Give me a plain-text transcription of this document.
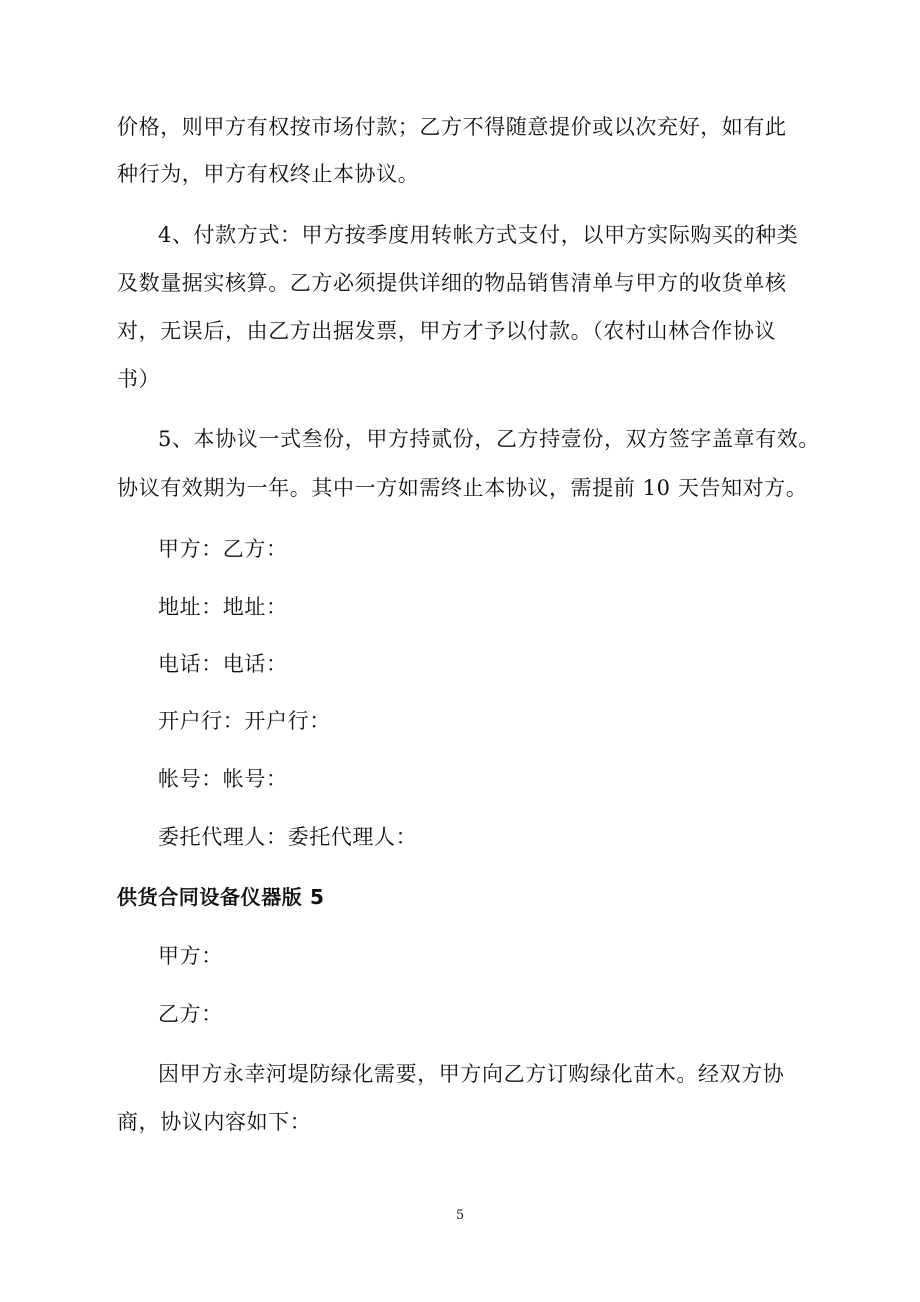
价格，则甲方有权按市场付款；乙方不得随意提价或以次充好，如有此
种行为，甲方有权终止本协议。
4、付款方式：甲方按季度用转帐方式支付，以甲方实际购买的种类
及数量据实核算。乙方必须提供详细的物品销售清单与甲方的收货单核
对，无误后，由乙方出据发票，甲方才予以付款。（农村山林合作协议
书）
5、本协议一式叁份，甲方持贰份，乙方持壹份，双方签字盖章有效。
协议有效期为一年。其中一方如需终止本协议，需提前 10 天告知对方。
甲方：乙方：
地址：地址：
电话：电话：
开户行：开户行：
帐号：帐号：
委托代理人：委托代理人：
供货合同设备仪器版 5
甲方：
乙方：
因甲方永幸河堤防绿化需要，甲方向乙方订购绿化苗木。经双方协
商，协议内容如下：
5
